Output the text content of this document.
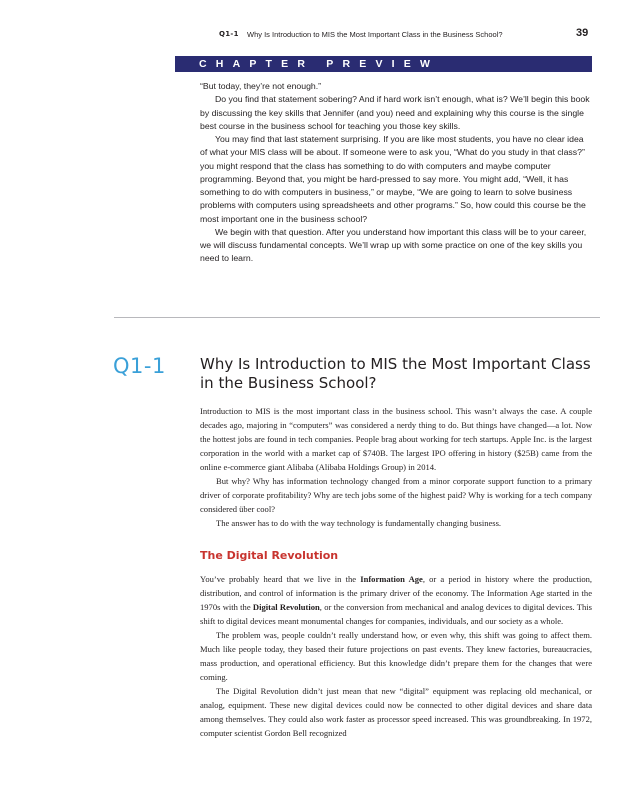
Q1-1 Why Is Introduction to MIS the Most Important Class in the Business School?	39
CHAPTER PREVIEW

“But today, they’re not enough.”

Do you find that statement sobering? And if hard work isn’t enough, what is? We’ll begin this book by discussing the key skills that Jennifer (and you) need and explaining why this course is the single best course in the business school for teaching you those key skills.

You may find that last statement surprising. If you are like most students, you have no clear idea of what your MIS class will be about. If someone were to ask you, “What do you study in that class?” you might respond that the class has something to do with computers and maybe computer programming. Beyond that, you might be hard-pressed to say more. You might add, “Well, it has something to do with computers in business,” or maybe, “We are going to learn to solve business problems with computers using spreadsheets and other programs.” So, how could this course be the most important one in the business school?

We begin with that question. After you understand how important this class will be to your career, we will discuss fundamental concepts. We’ll wrap up with some practice on one of the key skills you need to learn.

Q1-1 Why Is Introduction to MIS the Most Important Class in the Business School?

Introduction to MIS is the most important class in the business school. This wasn’t always the case. A couple decades ago, majoring in “computers” was considered a nerdy thing to do. But things have changed—a lot. Now the hottest jobs are found in tech companies. People brag about working for tech startups. Apple Inc. is the largest corporation in the world with a market cap of $740B. The largest IPO offering in history ($25B) came from the online e-commerce giant Alibaba (Alibaba Holdings Group) in 2014.

But why? Why has information technology changed from a minor corporate support function to a primary driver of corporate profitability? Why are tech jobs some of the highest paid? Why is working for a tech company considered über cool?

The answer has to do with the way technology is fundamentally changing business.

The Digital Revolution

You’ve probably heard that we live in the Information Age, or a period in history where the production, distribution, and control of information is the primary driver of the economy. The Information Age started in the 1970s with the Digital Revolution, or the conversion from mechanical and analog devices to digital devices. This shift to digital devices meant monumental changes for companies, individuals, and our society as a whole.

The problem was, people couldn’t really understand how, or even why, this shift was going to affect them. Much like people today, they based their future projections on past events. They knew factories, bureaucracies, mass production, and operational efficiency. But this knowledge didn’t prepare them for the changes that were coming.

The Digital Revolution didn’t just mean that new “digital” equipment was replacing old mechanical, or analog, equipment. These new digital devices could now be connected to other digital devices and share data among themselves. They could also work faster as processor speed increased. This was groundbreaking. In 1972, computer scientist Gordon Bell recognized
